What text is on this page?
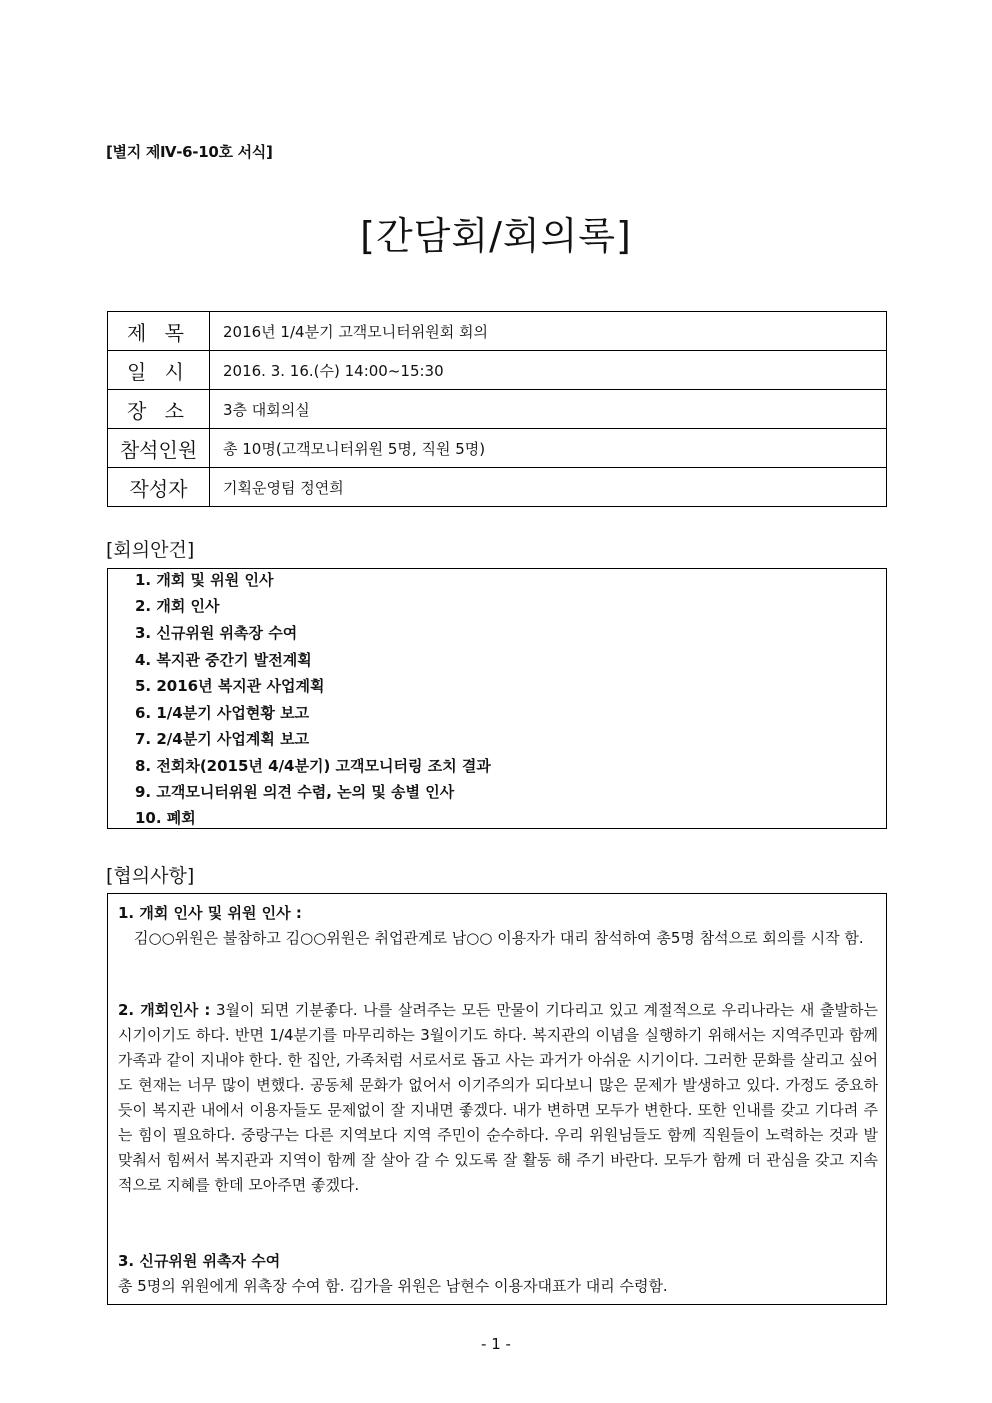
[별지 제Ⅳ-6-10호 서식]
[간담회/회의록]
제 목	2016년 1/4분기 고객모니터위원회 회의
일 시	2016. 3. 16.(수) 14:00~15:30
장 소	3층 대회의실
참석인원	총 10명(고객모니터위원 5명, 직원 5명)
작성자	기획운영팀 정연희
[회의안건]
1. 개회 및 위원 인사
2. 개회 인사
3. 신규위원 위촉장 수여
4. 복지관 중간기 발전계획
5. 2016년 복지관 사업계획
6. 1/4분기 사업현황 보고
7. 2/4분기 사업계획 보고
8. 전회차(2015년 4/4분기) 고객모니터링 조치 결과
9. 고객모니터위원 의견 수렴, 논의 및 송별 인사
10. 폐회
[협의사항]
1. 개회 인사 및 위원 인사 :
김○○위원은 불참하고 김○○위원은 취업관계로 남○○ 이용자가 대리 참석하여 총5명 참석으로 회의를 시작 함.
2. 개회인사 : 3월이 되면 기분좋다. 나를 살려주는 모든 만물이 기다리고 있고 계절적으로 우리나라는 새 출발하는 시기이기도 하다. 반면 1/4분기를 마무리하는 3월이기도 하다. 복지관의 이념을 실행하기 위해서는 지역주민과 함께 가족과 같이 지내야 한다. 한 집안, 가족처럼 서로서로 돕고 사는 과거가 아쉬운 시기이다. 그러한 문화를 살리고 싶어도 현재는 너무 많이 변했다. 공동체 문화가 없어서 이기주의가 되다보니 많은 문제가 발생하고 있다. 가정도 중요하듯이 복지관 내에서 이용자들도 문제없이 잘 지내면 좋겠다. 내가 변하면 모두가 변한다. 또한 인내를 갖고 기다려 주는 힘이 필요하다. 중랑구는 다른 지역보다 지역 주민이 순수하다. 우리 위원님들도 함께 직원들이 노력하는 것과 발맞춰서 힘써서 복지관과 지역이 함께 잘 살아 갈 수 있도록 잘 활동 해 주기 바란다. 모두가 함께 더 관심을 갖고 지속적으로 지혜를 한데 모아주면 좋겠다.
3. 신규위원 위촉자 수여
총 5명의 위원에게 위촉장 수여 함. 김가을 위원은 남현수 이용자대표가 대리 수령함.
- 1 -
